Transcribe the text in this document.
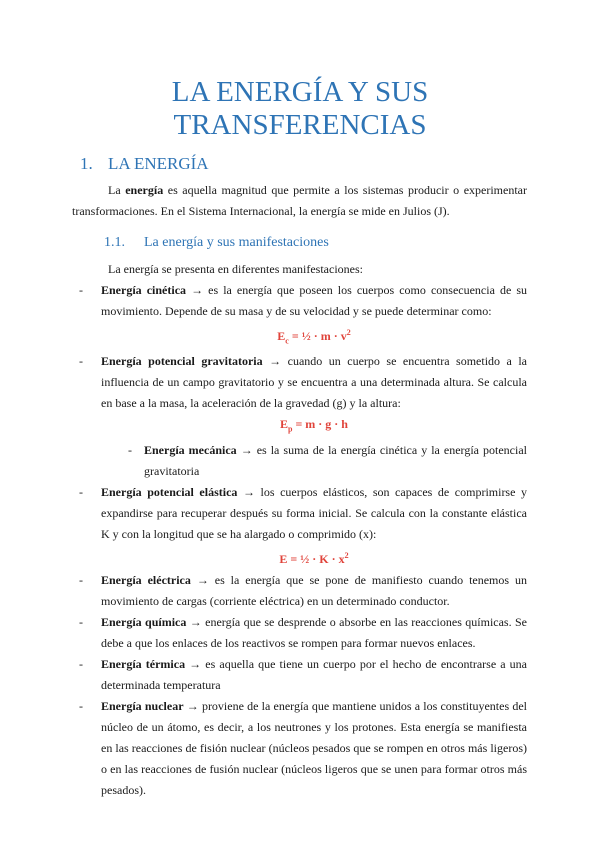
LA ENERGÍA Y SUS
TRANSFERENCIAS
1. LA ENERGÍA

La energía es aquella magnitud que permite a los sistemas producir o experimentar transformaciones. En el Sistema Internacional, la energía se mide en Julios (J).

1.1. La energía y sus manifestaciones

La energía se presenta en diferentes manifestaciones:

- Energía cinética → es la energía que poseen los cuerpos como consecuencia de su movimiento. Depende de su masa y de su velocidad y se puede determinar como:
$E_c$ = ½ · $m \cdot v^2$
- Energía potencial gravitatoria → cuando un cuerpo se encuentra sometido a la influencia de un campo gravitatorio y se encuentra a una determinada altura. Se calcula en base a la masa, la aceleración de la gravedad (g) y la altura:
$E_p = m \cdot g \cdot h$
- Energía mecánica → es la suma de la energía cinética y la energía potencial gravitatoria
- Energía potencial elástica → los cuerpos elásticos, son capaces de comprimirse y expandirse para recuperar después su forma inicial. Se calcula con la constante elástica K y con la longitud que se ha alargado o comprimido (x):
E = ½ · $K \cdot x^2$
- Energía eléctrica → es la energía que se pone de manifiesto cuando tenemos un movimiento de cargas (corriente eléctrica) en un determinado conductor.
- Energía química → energía que se desprende o absorbe en las reacciones químicas. Se debe a que los enlaces de los reactivos se rompen para formar nuevos enlaces.
- Energía térmica → es aquella que tiene un cuerpo por el hecho de encontrarse a una determinada temperatura
- Energía nuclear → proviene de la energía que mantiene unidos a los constituyentes del núcleo de un átomo, es decir, a los neutrones y los protones. Esta energía se manifiesta en las reacciones de fisión nuclear (núcleos pesados que se rompen en otros más ligeros) o en las reacciones de fusión nuclear (núcleos ligeros que se unen para formar otros más pesados).
